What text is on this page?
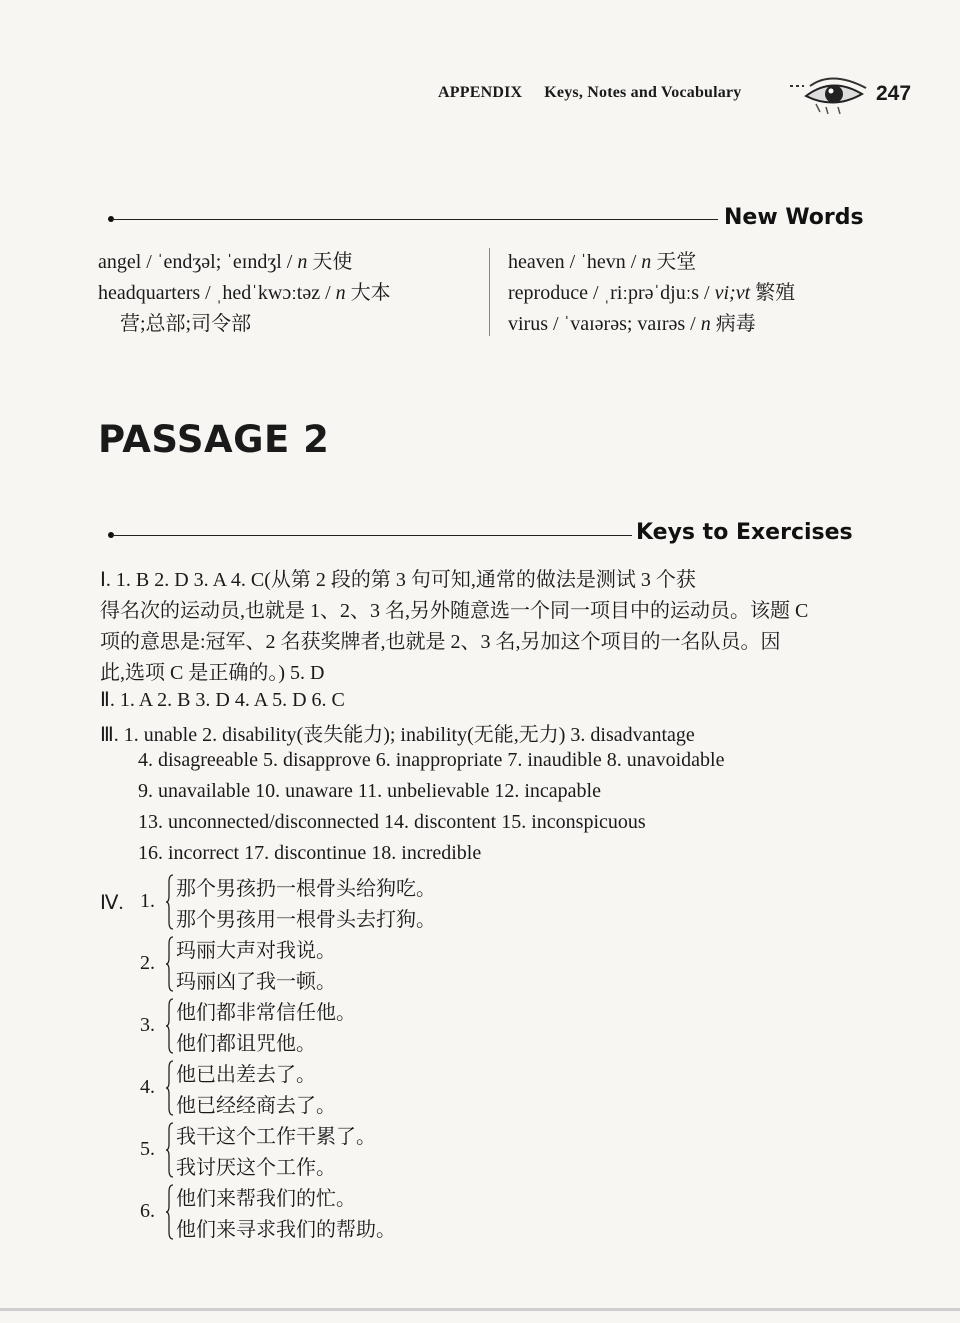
APPENDIX Keys, Notes and Vocabulary	247
New Words
angel / ˈendʒəl; ˈeɪndʒl / n 天使
headquarters / ˌhedˈkwɔːtəz / n 大本
营;总部;司令部
heaven / ˈhevn / n 天堂
reproduce / ˌriːprəˈdjuːs / vi;vt 繁殖
virus / ˈvaɪərəs; vaɪrəs / n 病毒
PASSAGE 2
Keys to Exercises
Ⅰ. 1. B 2. D 3. A 4. C(从第 2 段的第 3 句可知,通常的做法是测试 3 个获
得名次的运动员,也就是 1、2、3 名,另外随意选一个同一项目中的运动员。该题 C
项的意思是:冠军、2 名获奖牌者,也就是 2、3 名,另加这个项目的一名队员。因
此,选项 C 是正确的。) 5. D
Ⅱ. 1. A 2. B 3. D 4. A 5. D 6. C
Ⅲ. 1. unable 2. disability(丧失能力); inability(无能,无力) 3. disadvantage
4. disagreeable 5. disapprove 6. inappropriate 7. inaudible 8. unavoidable
9. unavailable 10. unaware 11. unbelievable 12. incapable
13. unconnected/disconnected 14. discontent 15. inconspicuous
16. incorrect 17. discontinue 18. incredible
Ⅳ. 1.
那个男孩扔一根骨头给狗吃。
那个男孩用一根骨头去打狗。
2.
玛丽大声对我说。
玛丽凶了我一顿。
3.
他们都非常信任他。
他们都诅咒他。
4.
他已出差去了。
他已经经商去了。
5.
我干这个工作干累了。
我讨厌这个工作。
6.
他们来帮我们的忙。
他们来寻求我们的帮助。
